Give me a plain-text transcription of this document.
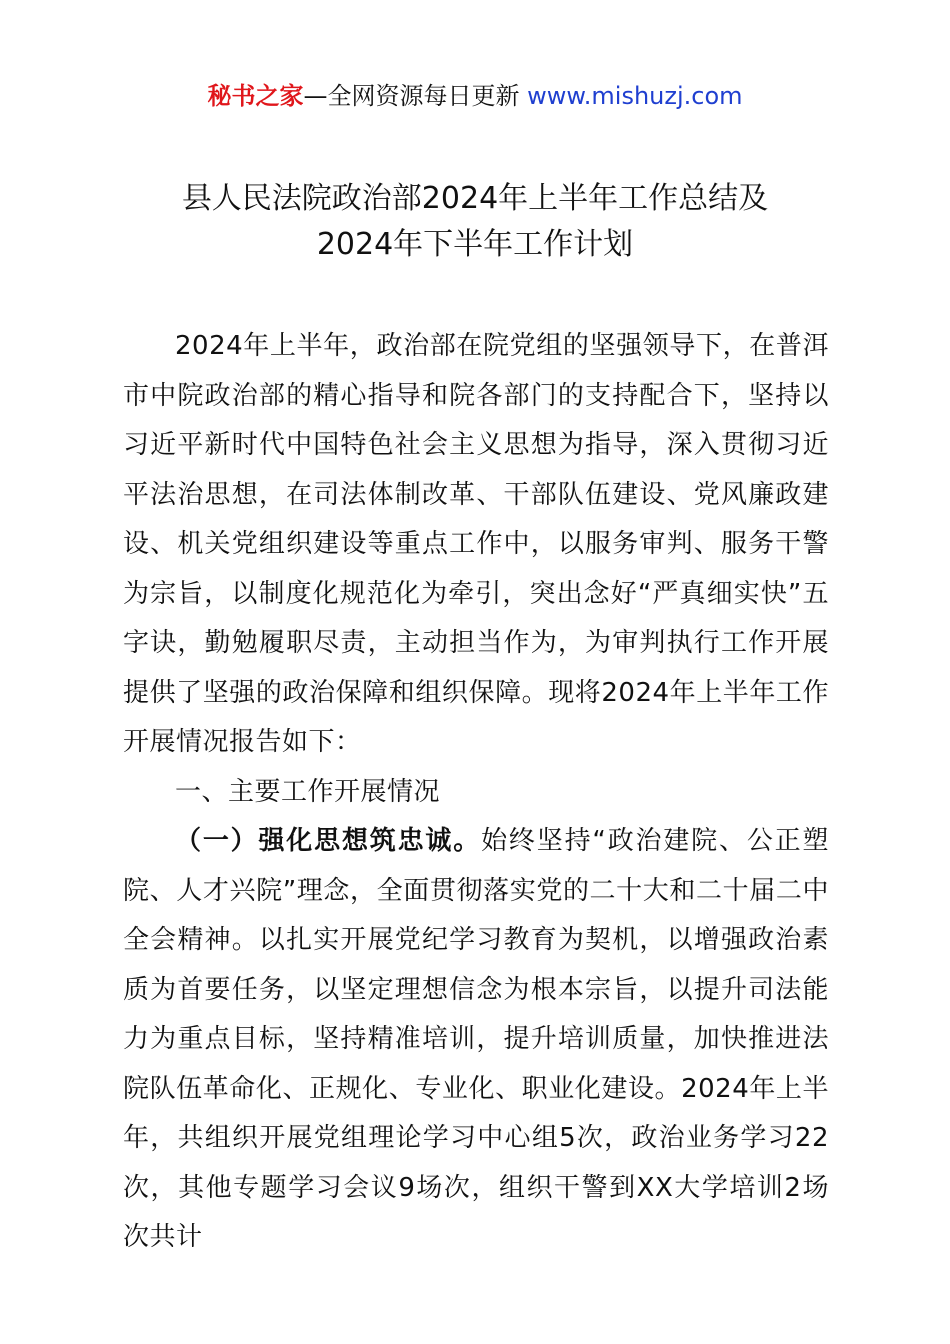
秘书之家—全网资源每日更新 www.mishuzj.com
县人民法院政治部2024年上半年工作总结及
2024年下半年工作计划

2024年上半年，政治部在院党组的坚强领导下，在普洱市中院政治部的精心指导和院各部门的支持配合下，坚持以习近平新时代中国特色社会主义思想为指导，深入贯彻习近平法治思想，在司法体制改革、干部队伍建设、党风廉政建设、机关党组织建设等重点工作中，以服务审判、服务干警为宗旨，以制度化规范化为牵引，突出念好“严真细实快”五字诀，勤勉履职尽责，主动担当作为，为审判执行工作开展提供了坚强的政治保障和组织保障。现将2024年上半年工作开展情况报告如下：

一、主要工作开展情况

（一）强化思想筑忠诚。始终坚持“政治建院、公正塑院、人才兴院”理念，全面贯彻落实党的二十大和二十届二中全会精神。以扎实开展党纪学习教育为契机，以增强政治素质为首要任务，以坚定理想信念为根本宗旨，以提升司法能力为重点目标，坚持精准培训，提升培训质量，加快推进法院队伍革命化、正规化、专业化、职业化建设。2024年上半年，共组织开展党组理论学习中心组5次，政治业务学习22次，其他专题学习会议9场次，组织干警到XX大学培训2场次共计
